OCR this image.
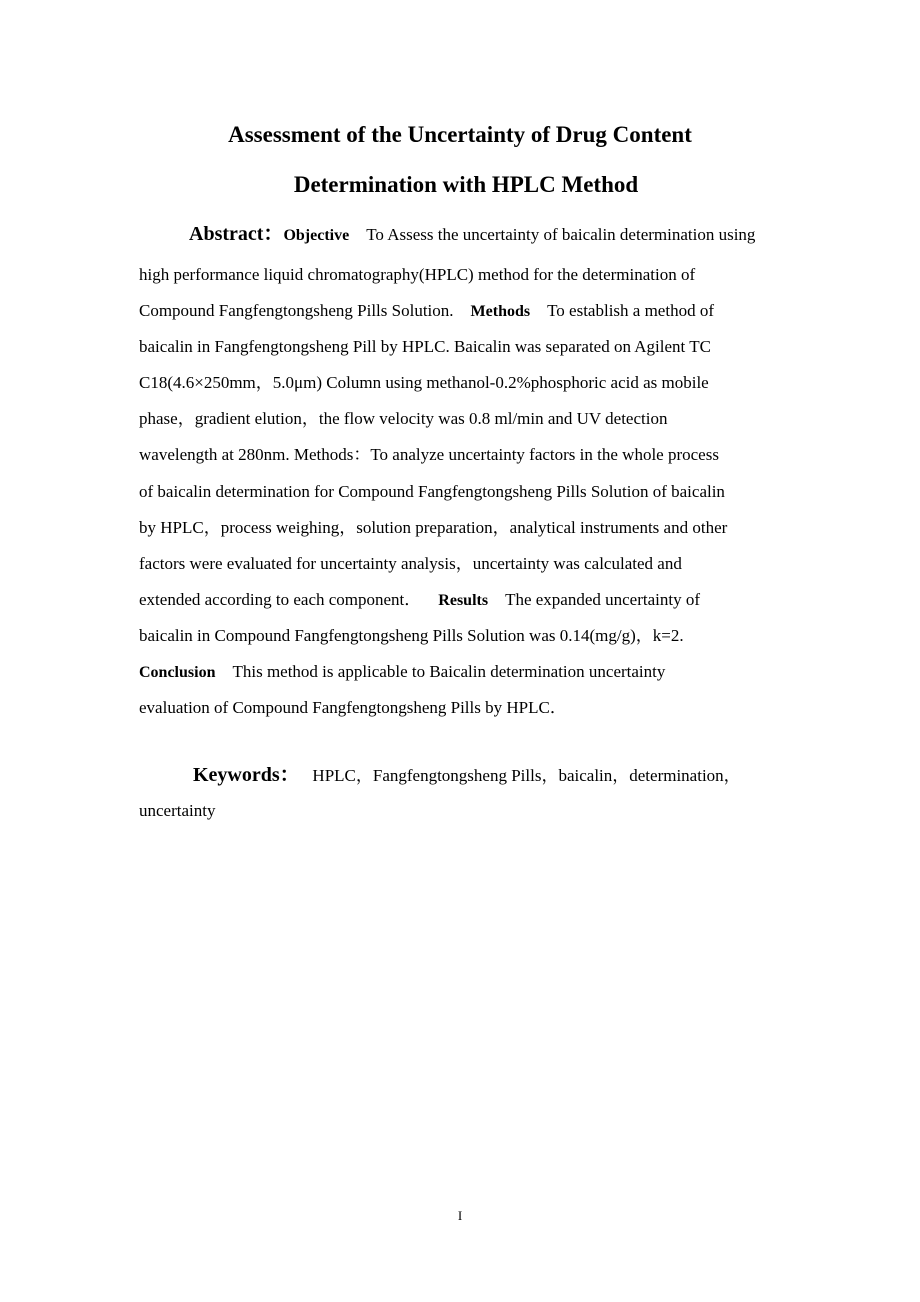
Assessment of the Uncertainty of Drug Content
Determination with HPLC Method
Abstract：Objective To Assess the uncertainty of baicalin determination using
high performance liquid chromatography(HPLC) method for the determination of
Compound Fangfengtongsheng Pills Solution. Methods To establish a method of
baicalin in Fangfengtongsheng Pill by HPLC. Baicalin was separated on Agilent TC
C18(4.6×250mm，5.0μm) Column using methanol-0.2%phosphoric acid as mobile
phase，gradient elution，the flow velocity was 0.8 ml/min and UV detection
wavelength at 280nm. Methods：To analyze uncertainty factors in the whole process
of baicalin determination for Compound Fangfengtongsheng Pills Solution of baicalin
by HPLC，process weighing，solution preparation，analytical instruments and other
factors were evaluated for uncertainty analysis，uncertainty was calculated and
extended according to each component． Results The expanded uncertainty of
baicalin in Compound Fangfengtongsheng Pills Solution was 0.14(mg/g)，k=2.
Conclusion This method is applicable to Baicalin determination uncertainty
evaluation of Compound Fangfengtongsheng Pills by HPLC．
Keywords： HPLC，Fangfengtongsheng Pills，baicalin，determination，
uncertainty
I
